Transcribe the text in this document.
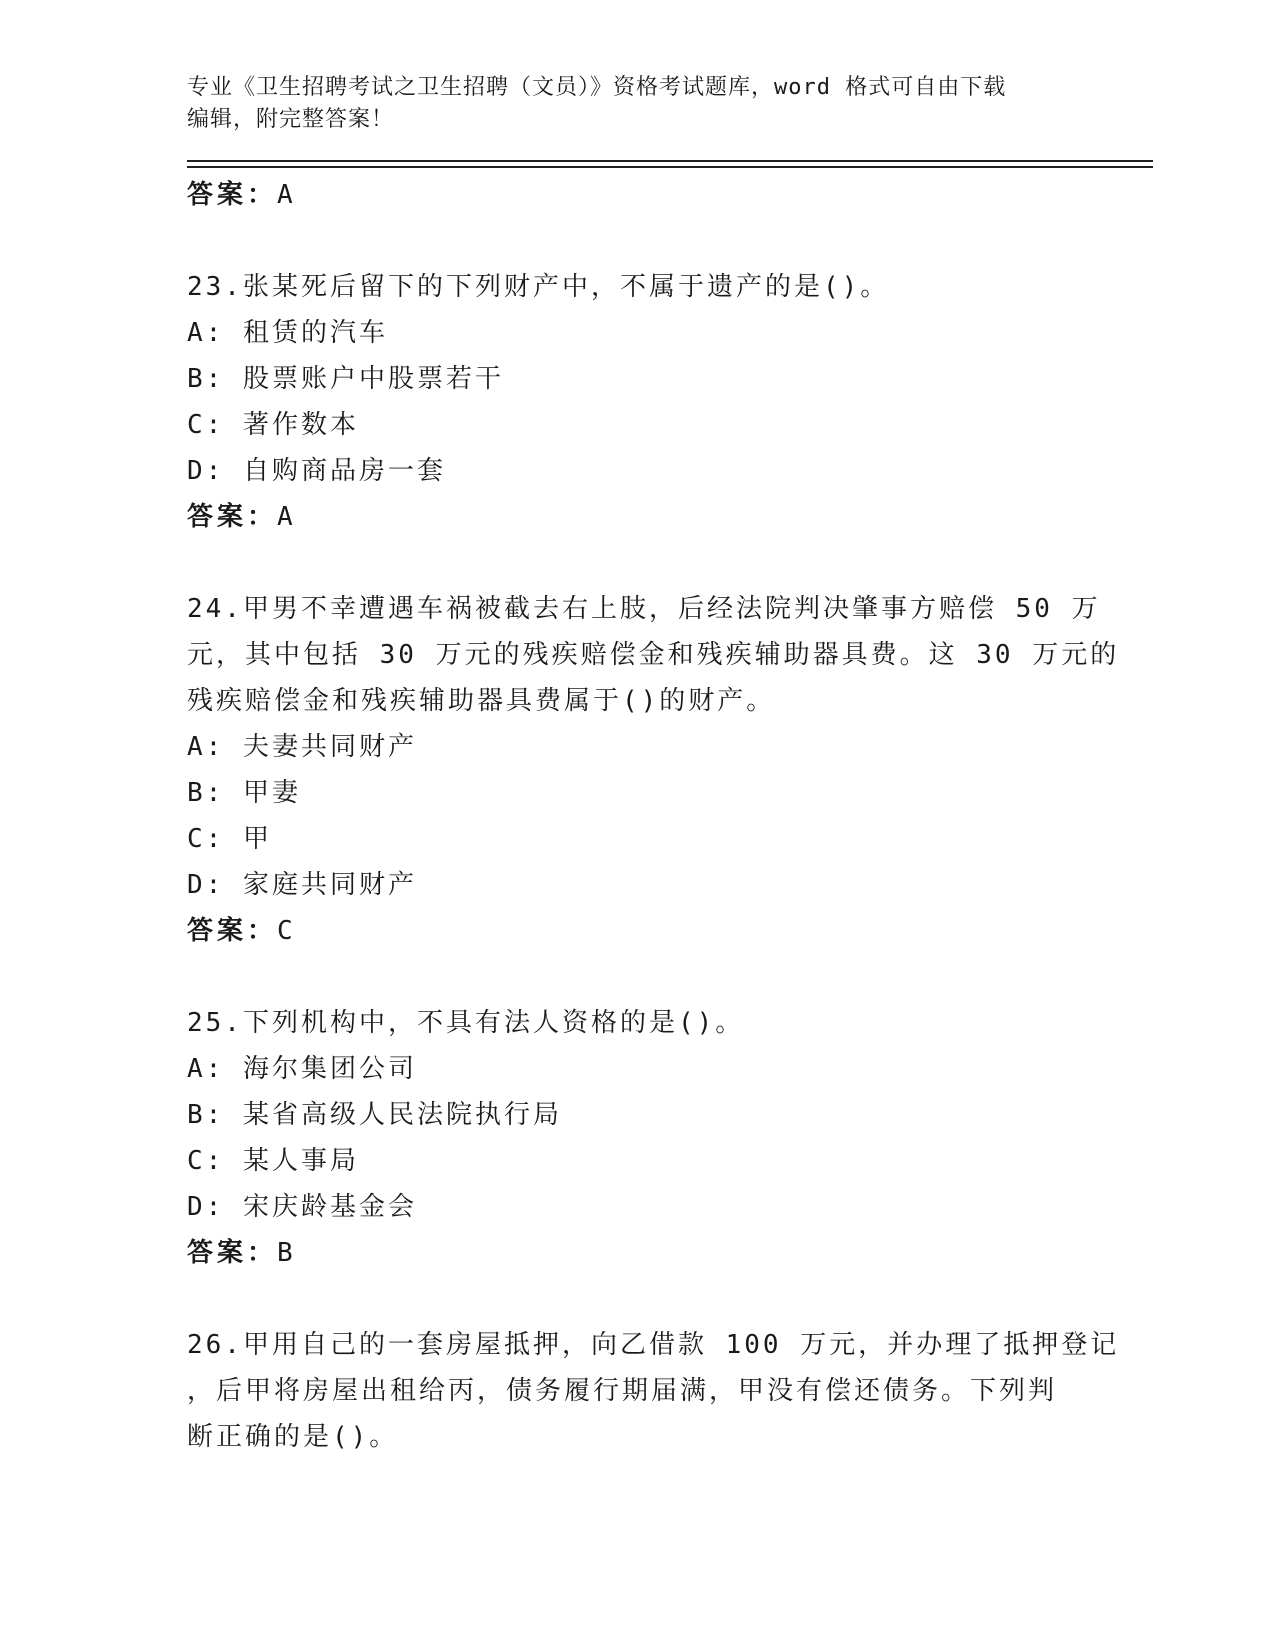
专业《卫生招聘考试之卫生招聘（文员）》资格考试题库，word 格式可自由下载
编辑，附完整答案！

答案：A

23.张某死后留下的下列财产中，不属于遗产的是()。

A: 租赁的汽车

B: 股票账户中股票若干

C: 著作数本

D: 自购商品房一套

答案：A

24.甲男不幸遭遇车祸被截去右上肢，后经法院判决肇事方赔偿 50 万

元，其中包括 30 万元的残疾赔偿金和残疾辅助器具费。这 30 万元的

残疾赔偿金和残疾辅助器具费属于()的财产。

A: 夫妻共同财产

B: 甲妻

C: 甲

D: 家庭共同财产

答案：C

25.下列机构中，不具有法人资格的是()。

A: 海尔集团公司

B: 某省高级人民法院执行局

C: 某人事局

D: 宋庆龄基金会

答案：B

26.甲用自己的一套房屋抵押，向乙借款 100 万元，并办理了抵押登记

，后甲将房屋出租给丙，债务履行期届满，甲没有偿还债务。下列判

断正确的是()。
